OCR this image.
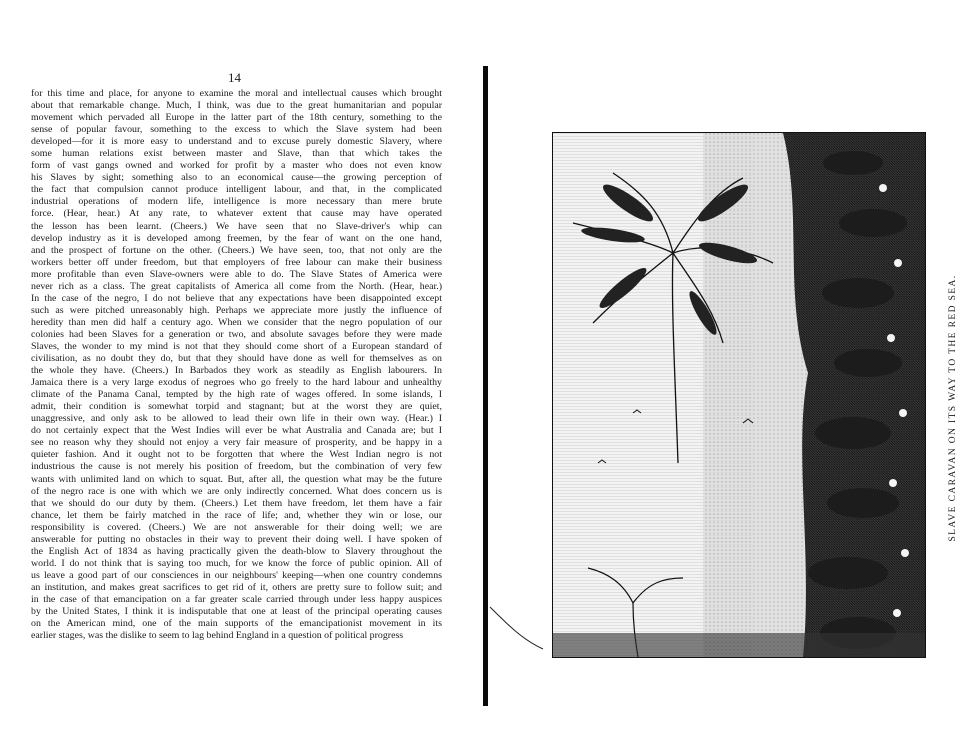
14
for this time and place, for anyone to examine the moral and intellectual causes which brought
about that remarkable change. Much, I think, was due to the great humanitarian and popular
movement which pervaded all Europe in the latter part of the 18th century, something to the
sense of popular favour, something to the excess to which the Slave system had been
developed—for it is more easy to understand and to excuse purely domestic Slavery, where
some human relations exist between master and Slave, than that which takes the
form of vast gangs owned and worked for profit by a master who does not even know
his Slaves by sight; something also to an economical cause—the growing perception of
the fact that compulsion cannot produce intelligent labour, and that, in the complicated
industrial operations of modern life, intelligence is more necessary than mere brute
force. (Hear, hear.) At any rate, to whatever extent that cause may have operated
the lesson has been learnt. (Cheers.) We have seen that no Slave-driver's whip can
develop industry as it is developed among freemen, by the fear of want on the one hand,
and the prospect of fortune on the other. (Cheers.) We have seen, too, that not only are the
workers better off under freedom, but that employers of free labour can make their business
more profitable than even Slave-owners were able to do. The Slave States of America were
never rich as a class. The great capitalists of America all come from the North. (Hear, hear.)
In the case of the negro, I do not believe that any expectations have been disappointed except
such as were pitched unreasonably high. Perhaps we appreciate more justly the influence of
heredity than men did half a century ago. When we consider that the negro population of our
colonies had been Slaves for a generation or two, and absolute savages before they were made
Slaves, the wonder to my mind is not that they should come short of a European standard of
civilisation, as no doubt they do, but that they should have done as well for themselves as on
the whole they have. (Cheers.) In Barbados they work as steadily as English labourers. In
Jamaica there is a very large exodus of negroes who go freely to the hard labour and unhealthy
climate of the Panama Canal, tempted by the high rate of wages offered. In some islands, I
admit, their condition is somewhat torpid and stagnant; but at the worst they are quiet,
unaggressive, and only ask to be allowed to lead their own life in their own way. (Hear.) I
do not certainly expect that the West Indies will ever be what Australia and Canada are; but I
see no reason why they should not enjoy a very fair measure of prosperity, and be happy in a
quieter fashion. And it ought not to be forgotten that where the West Indian negro is not
industrious the cause is not merely his position of freedom, but the combination of very few
wants with unlimited land on which to squat. But, after all, the question what may be the future
of the negro race is one with which we are only indirectly concerned. What does concern us is
that we should do our duty by them. (Cheers.) Let them have freedom, let them have a fair
chance, let them be fairly matched in the race of life; and, whether they win or lose, our
responsibility is covered. (Cheers.) We are not answerable for their doing well; we are
answerable for putting no obstacles in their way to prevent their doing well. I have spoken of
the English Act of 1834 as having practically given the death-blow to Slavery throughout the
world. I do not think that is saying too much, for we know the force of public opinion. All of
us leave a good part of our consciences in our neighbours' keeping—when one country condemns
an institution, and makes great sacrifices to get rid of it, others are pretty sure to follow suit; and
in the case of that emancipation on a far greater scale carried through under less happy auspices
by the United States, I think it is indisputable that one at least of the principal operating causes
on the American mind, one of the main supports of the emancipationist movement in its
earlier stages, was the dislike to seem to lag behind England in a question of political progress
SLAVE CARAVAN ON ITS WAY TO THE RED SEA.
